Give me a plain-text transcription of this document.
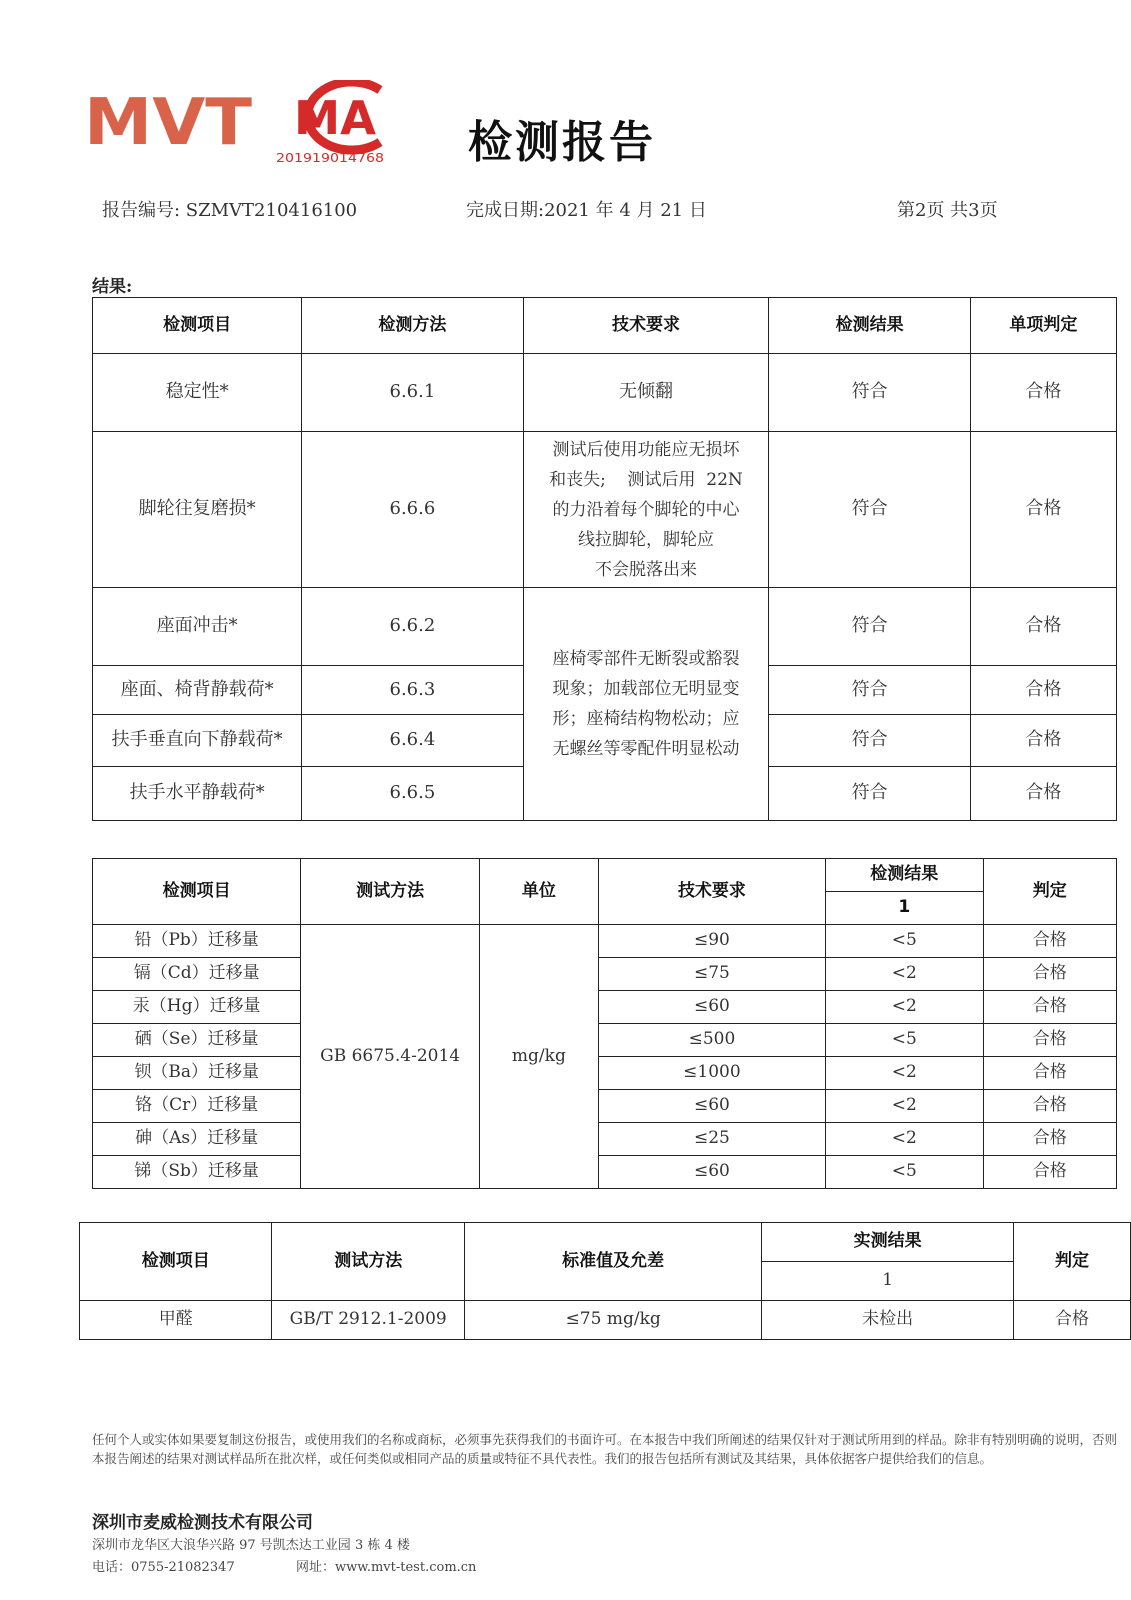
MVT MA
201919014768 检测报告
报告编号: SZMVT210416100	完成日期:2021 年 4 月 21 日	第2页 共3页
结果:
检测项目	检测方法	技术要求	检测结果	单项判定
稳定性*	6.6.1	无倾翻	符合	合格
脚轮往复磨损*	6.6.6	测试后使用功能应无损坏
和丧失;    测试后用  22N
的力沿着每个脚轮的中心
线拉脚轮，脚轮应
不会脱落出来	符合	合格
座面冲击*	6.6.2	座椅零部件无断裂或豁裂
现象；加载部位无明显变
形；座椅结构物松动；应
无螺丝等零配件明显松动	符合	合格
座面、椅背静载荷*	6.6.3		符合	合格
扶手垂直向下静载荷*	6.6.4		符合	合格
扶手水平静载荷*	6.6.5		符合	合格
检测项目	测试方法	单位	技术要求	检测结果	判定
				1	
铅（Pb）迁移量	GB 6675.4-2014	mg/kg	≤90	<5	合格
镉（Cd）迁移量			≤75	<2	合格
汞（Hg）迁移量			≤60	<2	合格
硒（Se）迁移量			≤500	<5	合格
钡（Ba）迁移量			≤1000	<2	合格
铬（Cr）迁移量			≤60	<2	合格
砷（As）迁移量			≤25	<2	合格
锑（Sb）迁移量			≤60	<5	合格
检测项目	测试方法	标准值及允差	实测结果	判定
			1	
甲醛	GB/T 2912.1-2009	≤75 mg/kg	未检出	合格
任何个人或实体如果要复制这份报告，或使用我们的名称或商标，必须事先获得我们的书面许可。在本报告中我们所阐述的结果仅针对于测试所用到的样品。除非有特别明确的说明，否则本报告阐述的结果对测试样品所在批次样，或任何类似或相同产品的质量或特征不具代表性。我们的报告包括所有测试及其结果，具体依据客户提供给我们的信息。
深圳市麦威检测技术有限公司
深圳市龙华区大浪华兴路 97 号凯杰达工业园 3 栋 4 楼
电话：0755-21082347	网址：www.mvt-test.com.cn
